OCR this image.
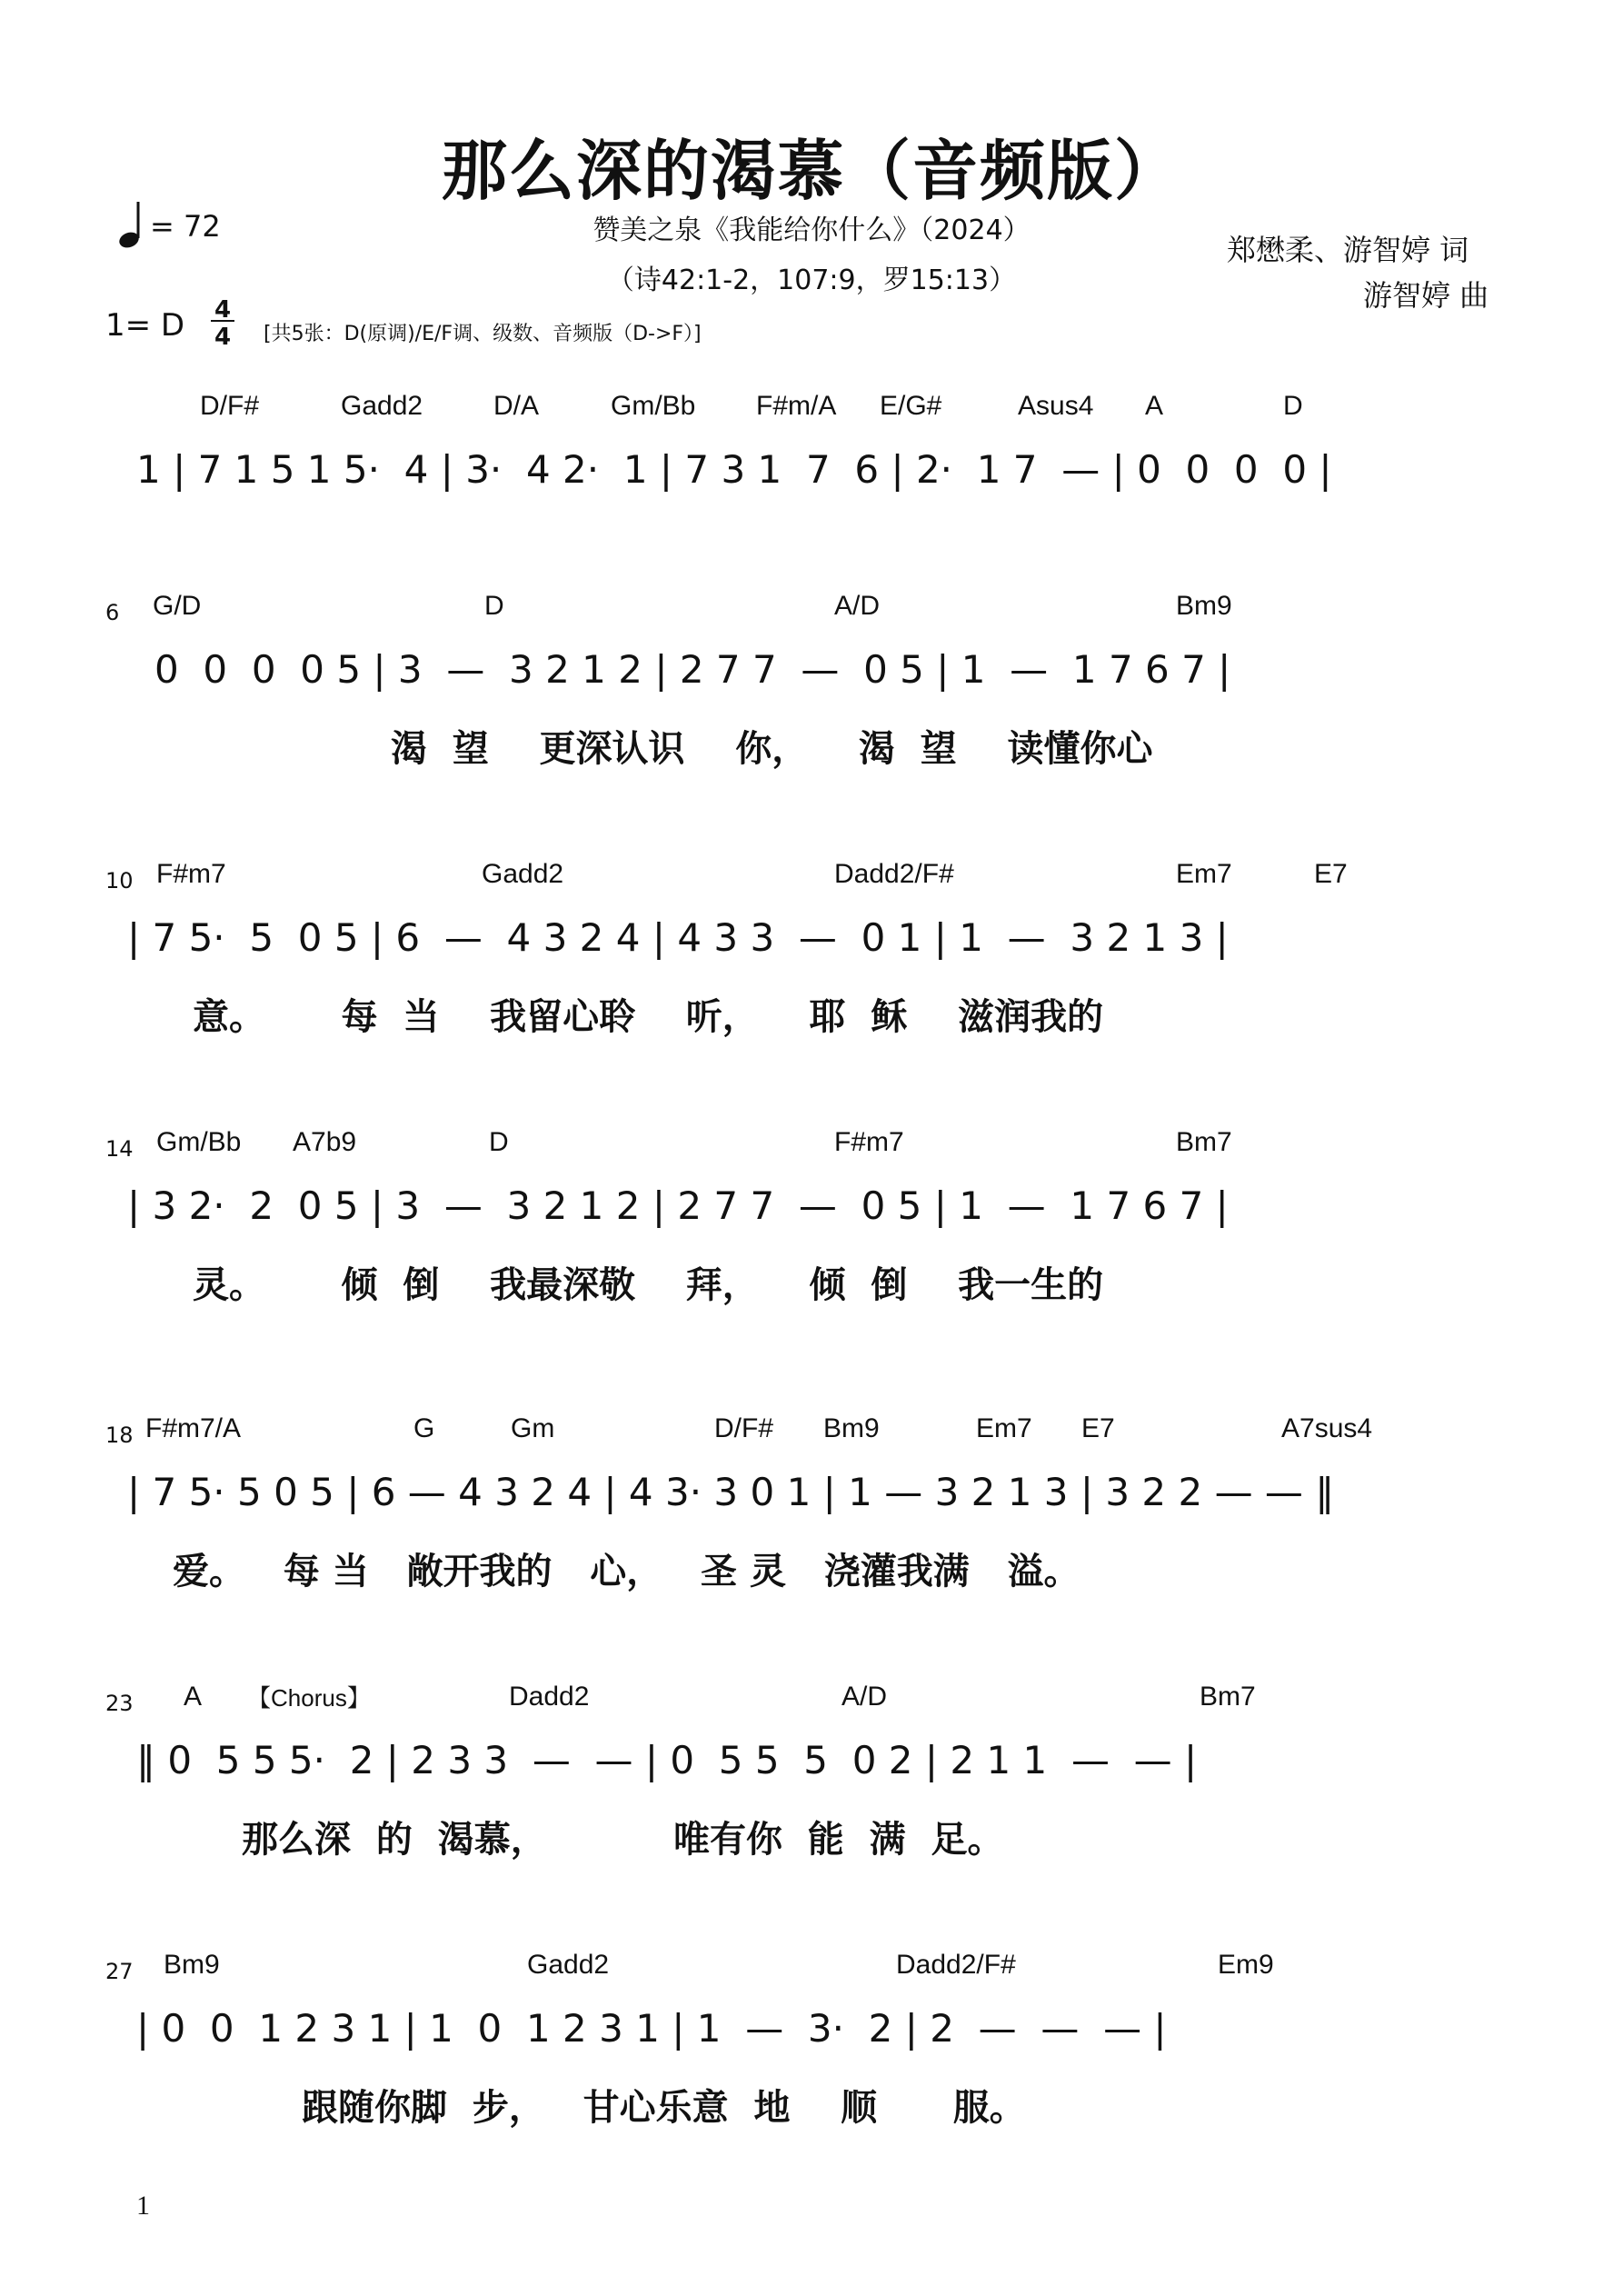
那么深的渴慕（音频版）
赞美之泉《我能给你什么》（2024）
（诗42:1-2，107:9，罗15:13）
郑懋柔、游智婷 词
游智婷 曲
= 72
1= D 4
4 [共5张：D(原调)/E/F调、级数、音频版（D->F）]
D/F#	Gadd2	D/A	Gm/Bb F#m/A E/G#	Asus4 A	D
1 | 7 1 5 1 5·  4 | 3·  4 2·  1 | 7 3 1  7  6 | 2·  1 7  — | 0  0  0  0 |
6 G/D	D	A/D	Bm9
0  0  0  0 5 | 3  —  3 2 1 2 | 2 7 7  —  0 5 | 1  —  1 7 6 7 |
渴  望    更深认识    你，    渴  望    读懂你心
10 F#m7	Gadd2	Dadd2/F#	Em7	E7
| 7 5·  5  0 5 | 6  —  4 3 2 4 | 4 3 3  —  0 1 | 1  —  3 2 1 3 |
意。      每  当    我留心聆    听，    耶  稣    滋润我的
14 Gm/Bb A7b9	D	F#m7	Bm7
| 3 2·  2  0 5 | 3  —  3 2 1 2 | 2 7 7  —  0 5 | 1  —  1 7 6 7 |
灵。      倾  倒    我最深敬    拜，    倾  倒    我一生的
18 F#m7/A	G	Gm	D/F# Bm9	Em7 E7	A7sus4
| 7 5· 5 0 5 | 6 — 4 3 2 4 | 4 3· 3 0 1 | 1 — 3 2 1 3 | 3 2 2 — — ‖
爱。   每 当   敞开我的   心，   圣 灵   浇灌我满   溢。
23 A 【Chorus】	Dadd2	A/D	Bm7
‖ 0  5 5 5·  2 | 2 3 3  —  — | 0  5 5  5  0 2 | 2 1 1  —  — |
那么深  的  渴慕，          唯有你  能  满  足。
27 Bm9	Gadd2	Dadd2/F#	Em9
| 0  0  1 2 3 1 | 1  0  1 2 3 1 | 1  —  3·  2 | 2  —  —  — |
跟随你脚  步，   甘心乐意  地    顺      服。
1
